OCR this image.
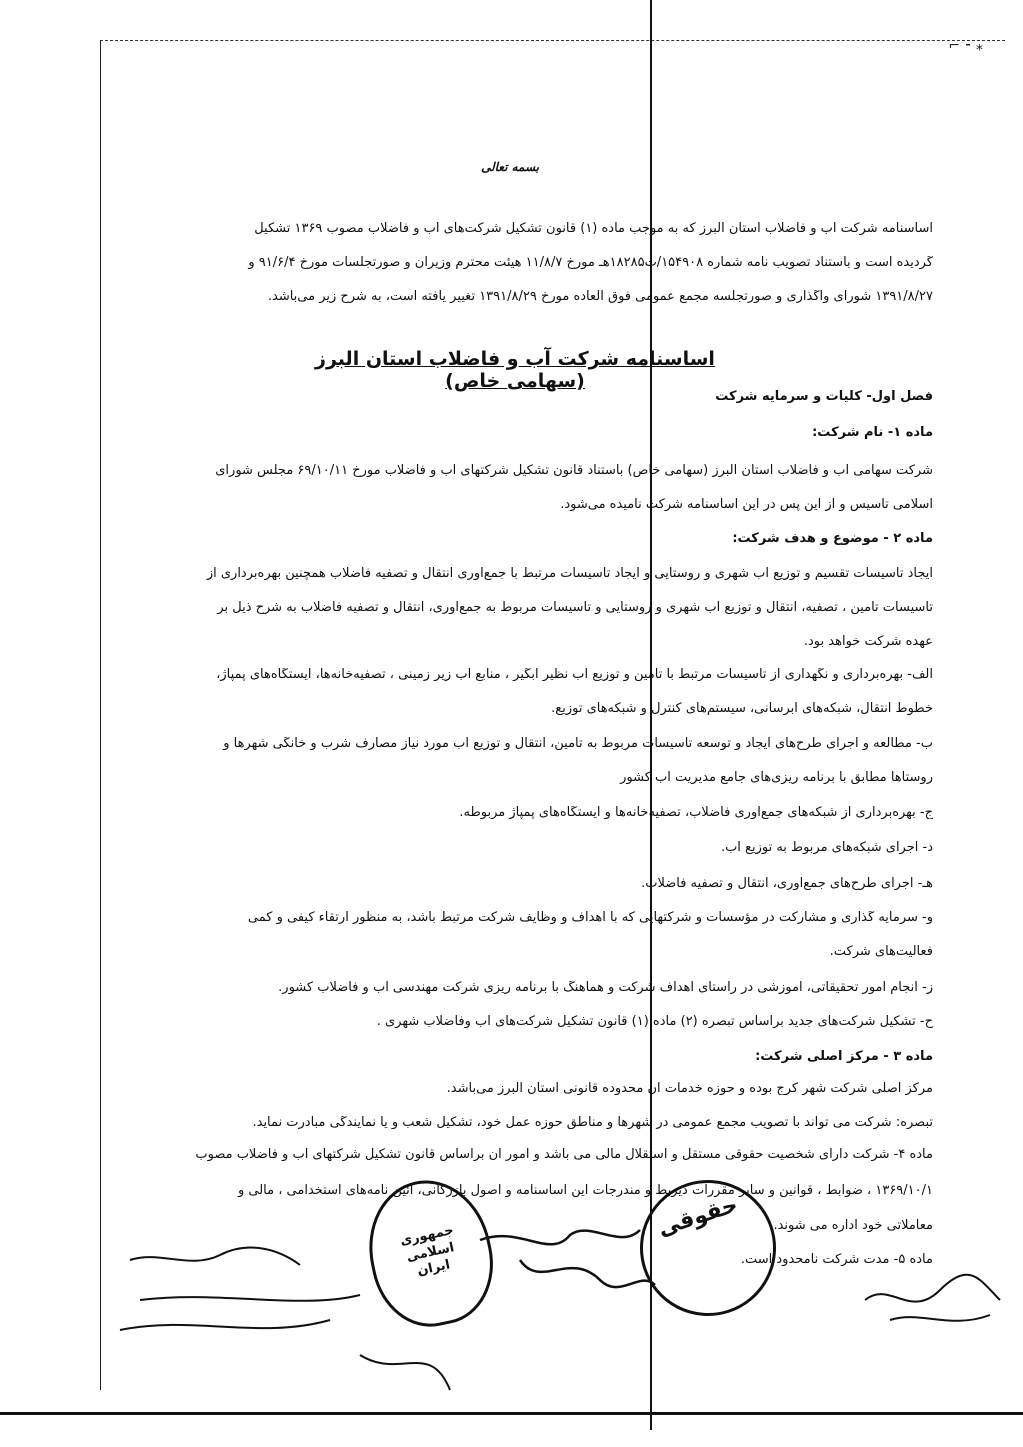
⌐ ⁃ ⁎
بسمه تعالی
اساسنامه شرکت آب و فاضلاب استان البرز که به موجب ماده (۱) قانون تشکیل شرکت‌های آب و فاضلاب مصوب ۱۳۶۹ تشکیل
گردیده است و باستناد تصویب نامه شماره ۱۵۴۹۰۸/ت۱۸۲۸۵هـ مورخ ۱۱/۸/۷ هیئت محترم وزیران و صورتجلسات مورخ ۹۱/۶/۴ و
۱۳۹۱/۸/۲۷ شورای واگذاری و صورتجلسه مجمع عمومی فوق العاده مورخ ۱۳۹۱/۸/۲۹ تغییر یافته است، به شرح زیر می‌باشد.
اساسنامه شرکت آب و فاضلاب استان البرز (سهامی خاص)
فصل اول- کلیات و سرمایه شرکت
ماده ۱- نام شرکت:
شرکت سهامی آب و فاضلاب استان البرز (سهامی خاص) باستناد قانون تشکیل شرکتهای آب و فاضلاب مورخ ۶۹/۱۰/۱۱ مجلس شورای
اسلامی تأسیس و از این پس در این اساسنامه شرکت نامیده می‌شود.
ماده ۲ - موضوع و هدف شرکت:
ایجاد تأسیسات تقسیم و توزیع آب شهری و روستایی و ایجاد تأسیسات مرتبط با جمع‌آوری انتقال و تصفیه فاضلاب همچنین بهره‌برداری از
تأسیسات تأمین ، تصفیه، انتقال و توزیع آب شهری و روستایی و تأسیسات مربوط به جمع‌آوری، انتقال و تصفیه فاضلاب به شرح ذیل بر
عهده شرکت خواهد بود.
الف- بهره‌برداری و نگهداری از تأسیسات مرتبط با تأمین و توزیع آب نظیر آبگیر ، منابع آب زیر زمینی ، تصفیه‌خانه‌ها، ایستگاه‌های پمپاژ،
خطوط انتقال، شبکه‌های آبرسانی، سیستم‌های کنترل و شبکه‌های توزیع.
ب- مطالعه و اجرای طرح‌های ایجاد و توسعه تأسیسات مربوط به تأمین، انتقال و توزیع آب مورد نیاز مصارف شرب و خانگی شهرها و
روستاها مطابق با برنامه ریزی‌های جامع مدیریت آب کشور
ج- بهره‌برداری از شبکه‌های جمع‌آوری فاضلاب، تصفیه‌خانه‌ها و ایستگاه‌های پمپاژ مربوطه.
د- اجرای شبکه‌های مربوط به توزیع آب.
هـ- اجرای طرح‌های جمع‌آوری، انتقال و تصفیه فاضلاب.
و- سرمایه گذاری و مشارکت در مؤسسات و شرکتهایی که با اهداف و وظایف شرکت مرتبط باشد، به منظور ارتقاء کیفی و کمی
فعالیت‌های شرکت.
ز- انجام امور تحقیقاتی، آموزشی در راستای اهداف شرکت و هماهنگ با برنامه ریزی شرکت مهندسی آب و فاضلاب کشور.
ح- تشکیل شرکت‌های جدید براساس تبصره (۲) ماده (۱) قانون تشکیل شرکت‌های آب وفاضلاب شهری .
ماده ۳ - مرکز اصلی شرکت:
مرکز اصلی شرکت شهر کرج بوده و حوزه خدمات آن محدوده قانونی استان البرز می‌باشد.
تبصره: شرکت می تواند با تصویب مجمع عمومی در شهرها و مناطق حوزه عمل خود، تشکیل شعب و یا نمایندگی مبادرت نماید.
ماده ۴- شرکت دارای شخصیت حقوقی مستقل و استقلال مالی می باشد و امور آن براساس قانون تشکیل شرکتهای آب و فاضلاب مصوب
۱۳۶۹/۱۰/۱ ، ضوابط ، قوانین و سایر مقررات ذیربط و مندرجات این اساسنامه و اصول بازرگانی، آئین نامه‌های استخدامی ، مالی و
معاملاتی خود اداره می شوند.
ماده ۵- مدت شرکت نامحدود است.
جمهوری اسلامی ایران
حقوقی
